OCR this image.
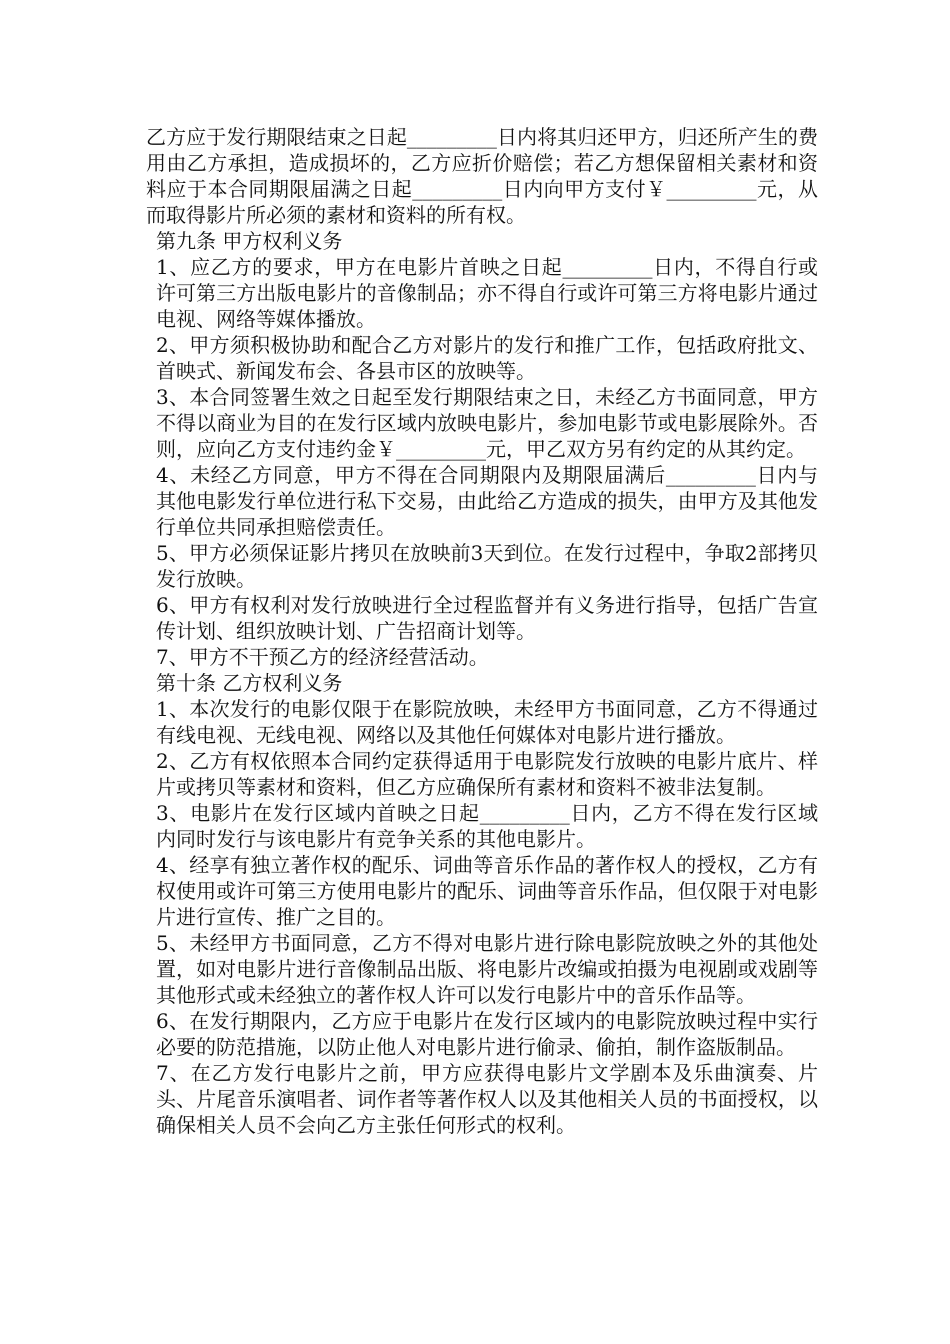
乙方应于发行期限结束之日起_________日内将其归还甲方，归还所产生的费用由乙方承担，造成损坏的，乙方应折价赔偿；若乙方想保留相关素材和资料应于本合同期限届满之日起_________日内向甲方支付￥_________元，从而取得影片所必须的素材和资料的所有权。

第九条 甲方权利义务

1、应乙方的要求，甲方在电影片首映之日起_________日内，不得自行或许可第三方出版电影片的音像制品；亦不得自行或许可第三方将电影片通过电视、网络等媒体播放。

2、甲方须积极协助和配合乙方对影片的发行和推广工作，包括政府批文、首映式、新闻发布会、各县市区的放映等。

3、本合同签署生效之日起至发行期限结束之日，未经乙方书面同意，甲方不得以商业为目的在发行区域内放映电影片，参加电影节或电影展除外。否则，应向乙方支付违约金￥_________元，甲乙双方另有约定的从其约定。

4、未经乙方同意，甲方不得在合同期限内及期限届满后_________日内与其他电影发行单位进行私下交易，由此给乙方造成的损失，由甲方及其他发行单位共同承担赔偿责任。

5、甲方必须保证影片拷贝在放映前3天到位。在发行过程中，争取2部拷贝发行放映。

6、甲方有权利对发行放映进行全过程监督并有义务进行指导，包括广告宣传计划、组织放映计划、广告招商计划等。

7、甲方不干预乙方的经济经营活动。

第十条 乙方权利义务

1、本次发行的电影仅限于在影院放映，未经甲方书面同意，乙方不得通过有线电视、无线电视、网络以及其他任何媒体对电影片进行播放。

2、乙方有权依照本合同约定获得适用于电影院发行放映的电影片底片、样片或拷贝等素材和资料，但乙方应确保所有素材和资料不被非法复制。

3、电影片在发行区域内首映之日起_________日内，乙方不得在发行区域内同时发行与该电影片有竞争关系的其他电影片。

4、经享有独立著作权的配乐、词曲等音乐作品的著作权人的授权，乙方有权使用或许可第三方使用电影片的配乐、词曲等音乐作品，但仅限于对电影片进行宣传、推广之目的。

5、未经甲方书面同意，乙方不得对电影片进行除电影院放映之外的其他处置，如对电影片进行音像制品出版、将电影片改编或拍摄为电视剧或戏剧等其他形式或未经独立的著作权人许可以发行电影片中的音乐作品等。

6、在发行期限内，乙方应于电影片在发行区域内的电影院放映过程中实行必要的防范措施，以防止他人对电影片进行偷录、偷拍，制作盗版制品。

7、在乙方发行电影片之前，甲方应获得电影片文学剧本及乐曲演奏、片头、片尾音乐演唱者、词作者等著作权人以及其他相关人员的书面授权，以确保相关人员不会向乙方主张任何形式的权利。
